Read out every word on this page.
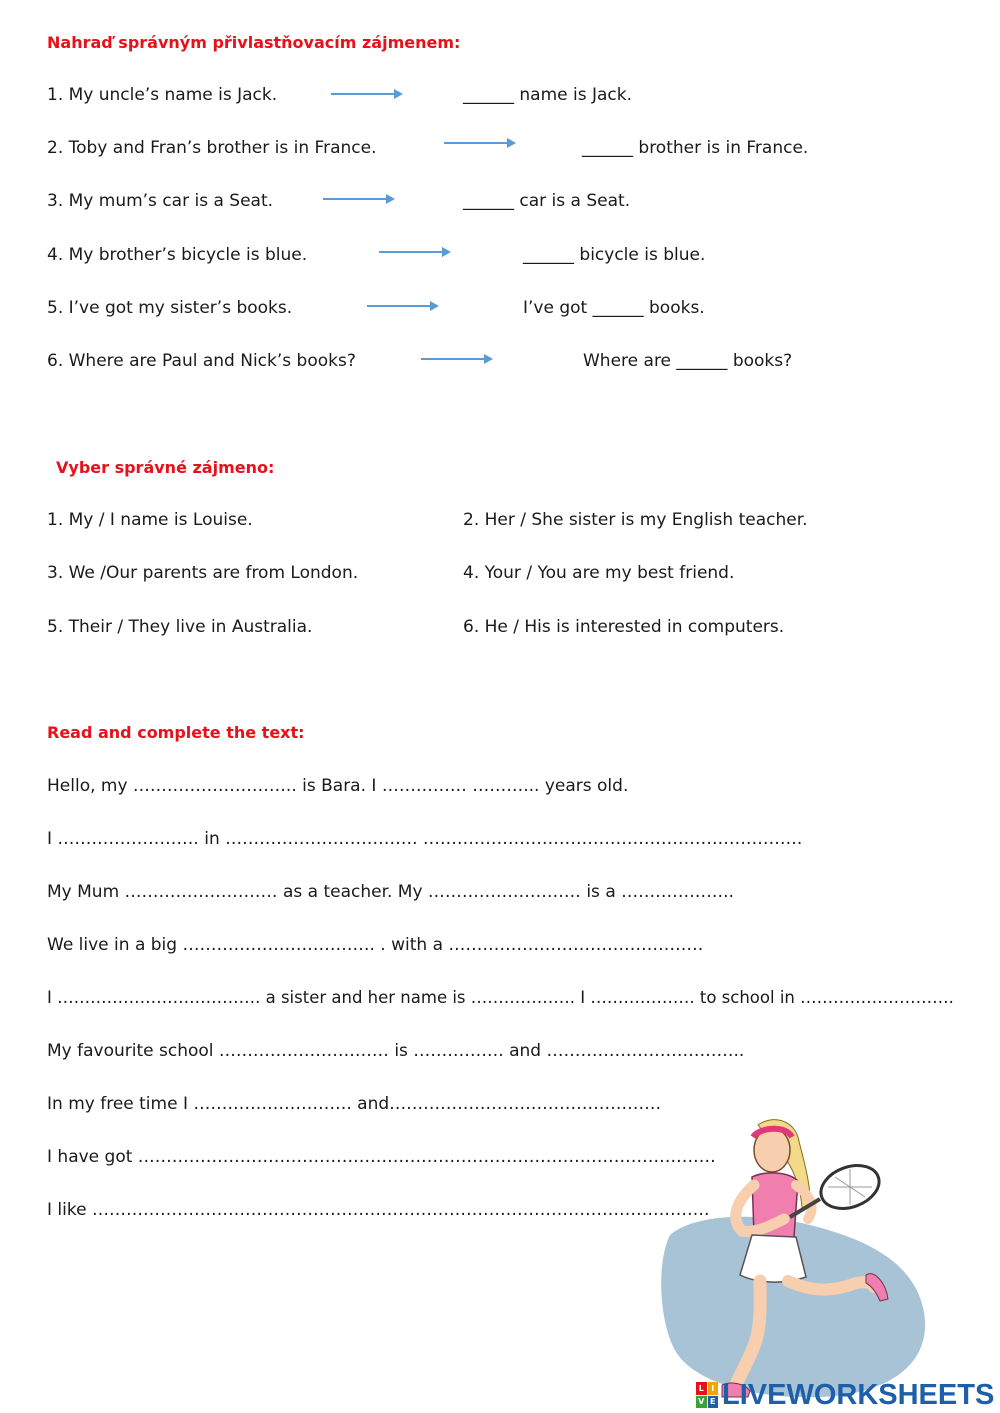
Nahraď správným přivlastňovacím zájmenem:
1. My uncle’s name is Jack.	______ name is Jack.
2. Toby and Fran’s brother is in France.	______ brother is in France.
3. My mum’s car is a Seat.	______ car is a Seat.
4. My brother’s bicycle is blue.	______ bicycle is blue.
5. I’ve got my sister’s books.	I’ve got ______ books.
6. Where are Paul and Nick’s books?	Where are ______ books?
Vyber správné zájmeno:
1. My / I name is Louise.	2. Her / She sister is my English teacher.
3. We /Our parents are from London.	4. Your / You are my best friend.
5. Their / They live in Australia.	6. He / His is interested in computers.
Read and complete the text:
Hello, my ……………………….. is Bara. I …………… ………... years old.
I ……………………. in ……………………………. ………………………………………………………….
My Mum ……………………… as a teacher. My ……………………… is a ………………..
We live in a big ……………………………. . with a ………………………………………
I ………………………………. a sister and her name is ………………. I ………………. to school in ……………………….
My favourite school ………………………… is ……………. and ……………………………..
In my free time I ………………………. and…………………………………………
I have got …………………………………………………………………………………………
I like ……………………………………………………………………………………………….
L I
V E LIVEWORKSHEETS
